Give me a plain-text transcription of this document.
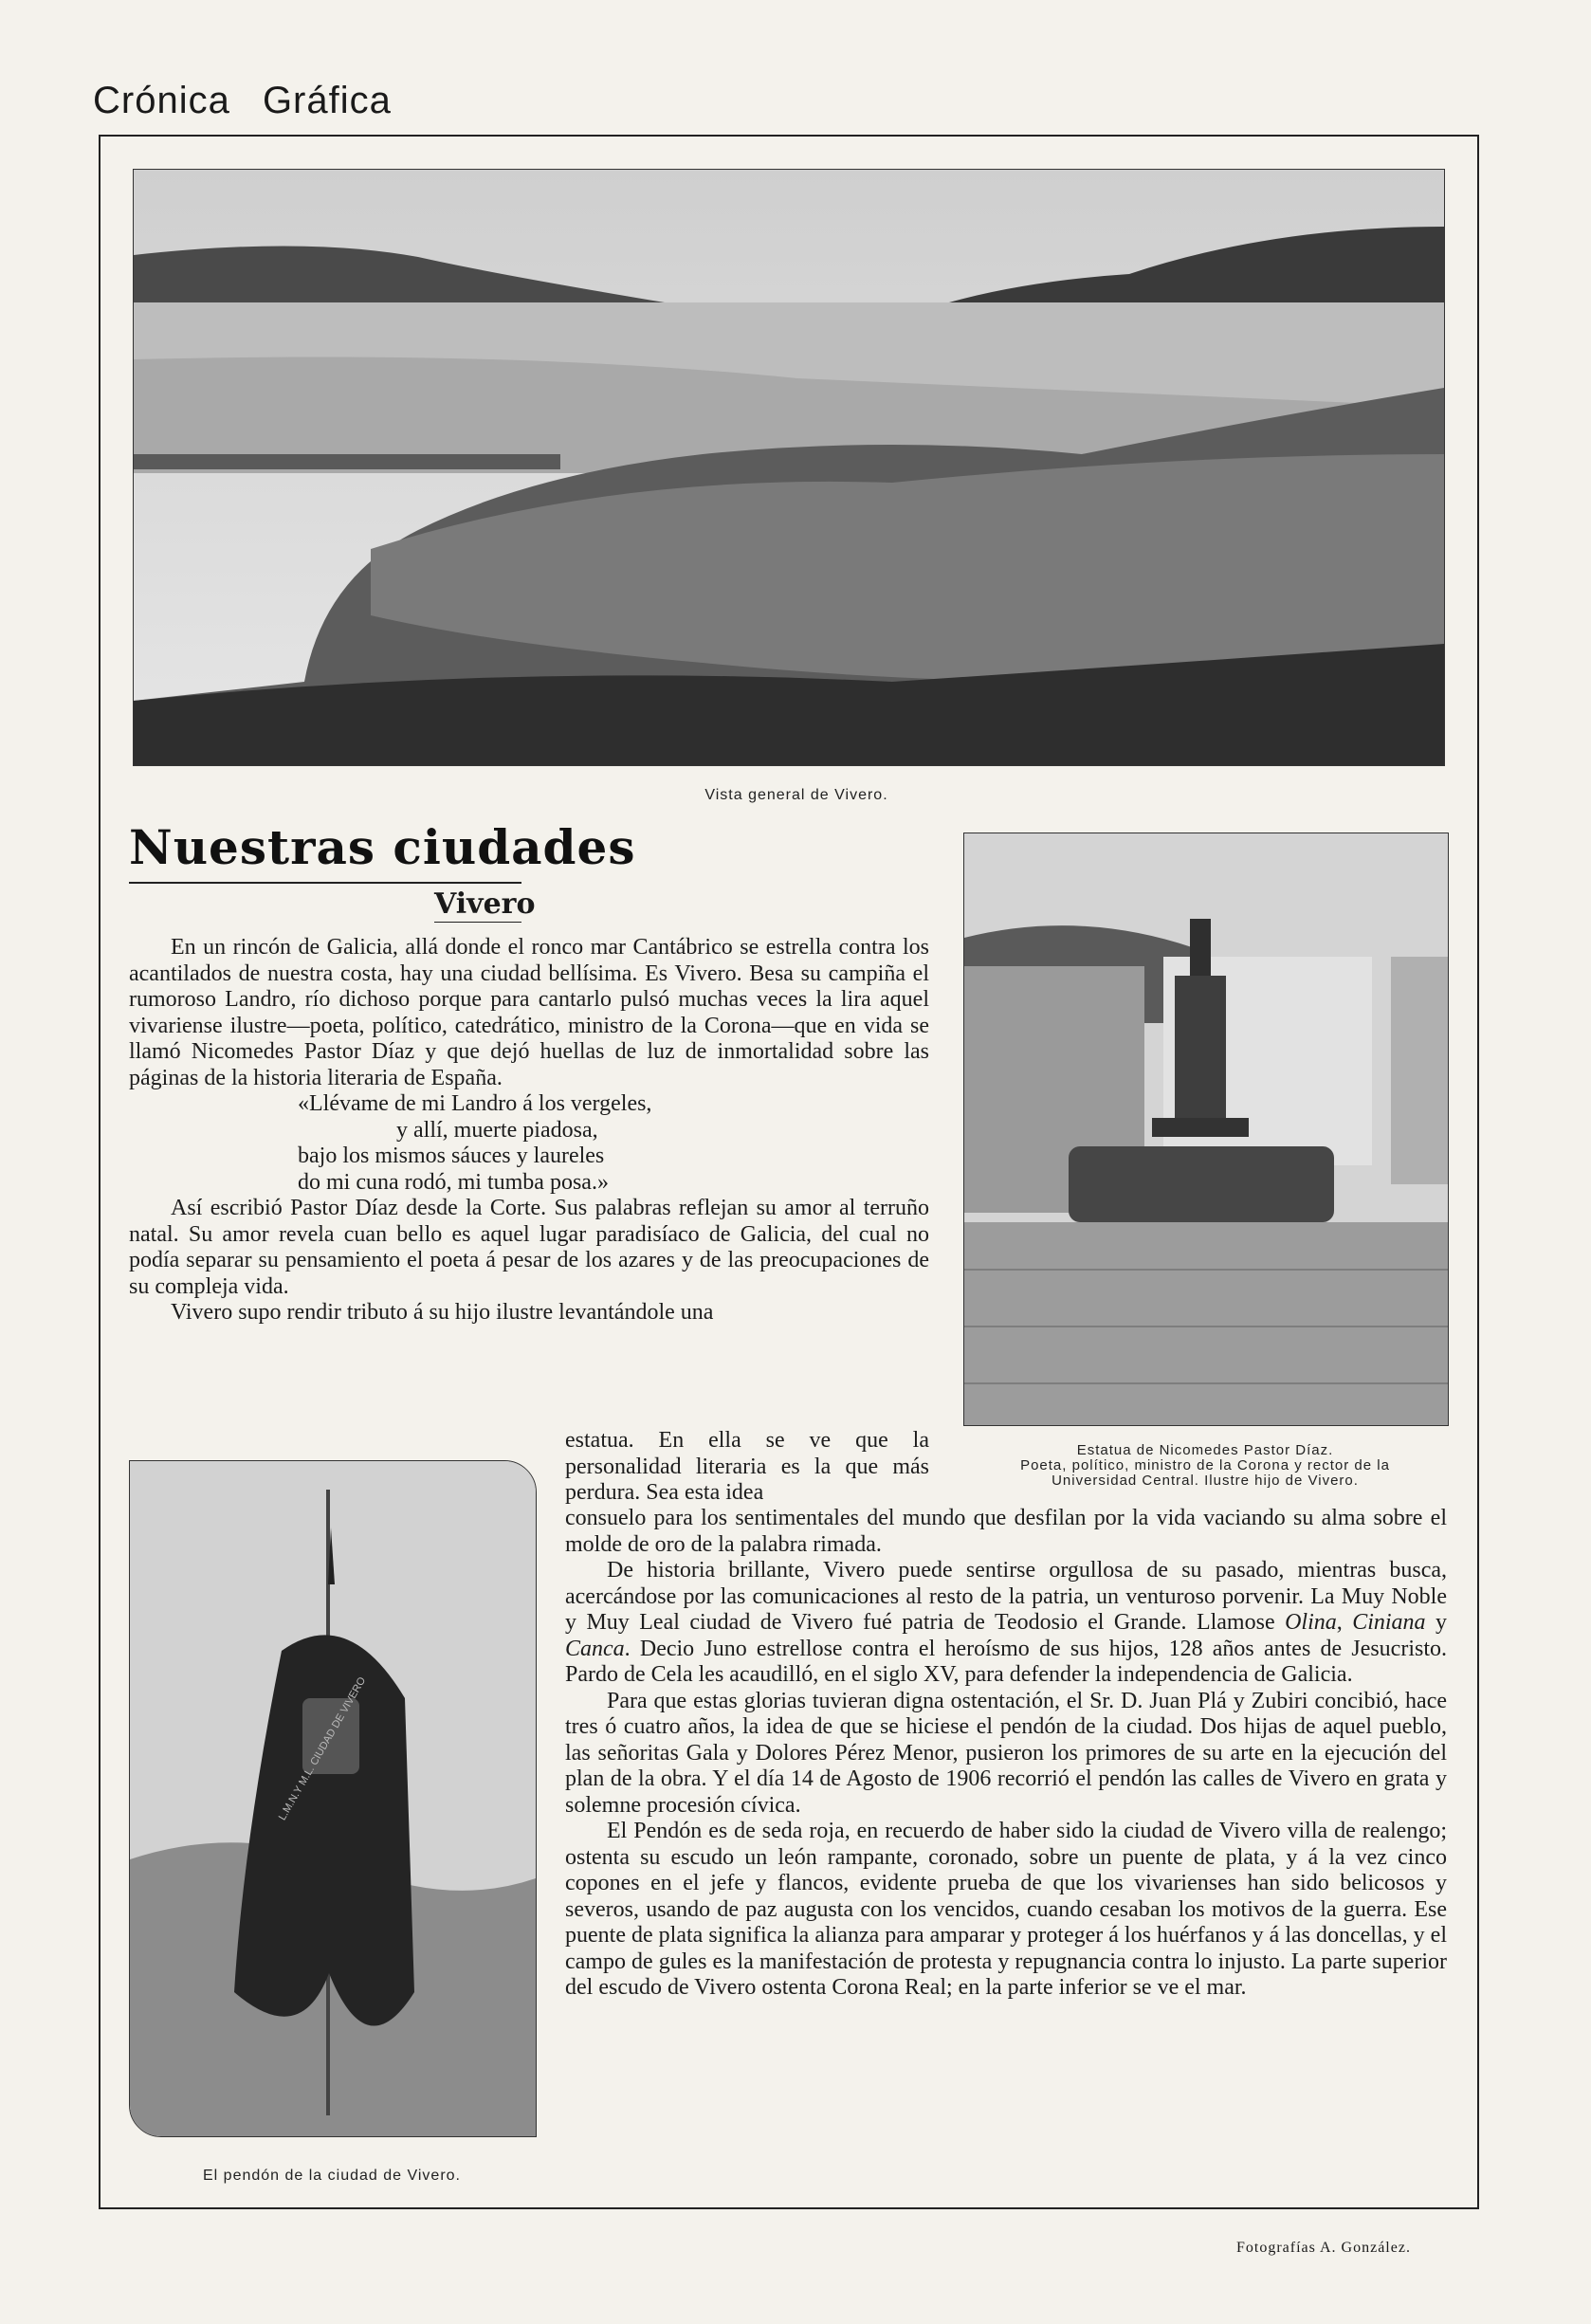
Crónica Gráfica
Vista general de Vivero.
Nuestras ciudades
Vivero
Estatua de Nicomedes Pastor Díaz.
Poeta, político, ministro de la Corona y rector de la
Universidad Central. Ilustre hijo de Vivero.
L.M.N.Y M.L. CIUDAD DE VIVERO
El pendón de la ciudad de Vivero.

En un rincón de Galicia, allá donde el ronco mar Cantábrico se estrella contra los acantilados de nuestra costa, hay una ciudad bellísima. Es Vivero. Besa su campiña el rumoroso Landro, río dichoso porque para cantarlo pulsó muchas veces la lira aquel vivariense ilustre—poeta, político, catedrático, ministro de la Corona—que en vida se llamó Nicomedes Pastor Díaz y que dejó huellas de luz de inmortalidad sobre las páginas de la historia literaria de España.

«Llévame de mi Landro á los vergeles,
y allí, muerte piadosa,
bajo los mismos sáuces y laureles
do mi cuna rodó, mi tumba posa.»

Así escribió Pastor Díaz desde la Corte. Sus palabras reflejan su amor al terruño natal. Su amor revela cuan bello es aquel lugar paradisíaco de Galicia, del cual no podía separar su pensamiento el poeta á pesar de los azares y de las preocupaciones de su compleja vida.

Vivero supo rendir tributo á su hijo ilustre levantándole una

estatua. En ella se ve que la personalidad literaria es la que más perdura. Sea esta idea

consuelo para los sentimentales del mundo que desfilan por la vida vaciando su alma sobre el molde de oro de la palabra rimada.

De historia brillante, Vivero puede sentirse orgullosa de su pasado, mientras busca, acercándose por las comunicaciones al resto de la patria, un venturoso porvenir. La Muy Noble y Muy Leal ciudad de Vivero fué patria de Teodosio el Grande. Llamose Olina, Ciniana y Canca. Decio Juno estrellose contra el heroísmo de sus hijos, 128 años antes de Jesucristo. Pardo de Cela les acaudilló, en el siglo XV, para defender la independencia de Galicia.

Para que estas glorias tuvieran digna ostentación, el Sr. D. Juan Plá y Zubiri concibió, hace tres ó cuatro años, la idea de que se hiciese el pendón de la ciudad. Dos hijas de aquel pueblo, las señoritas Gala y Dolores Pérez Menor, pusieron los primores de su arte en la ejecución del plan de la obra. Y el día 14 de Agosto de 1906 recorrió el pendón las calles de Vivero en grata y solemne procesión cívica.

El Pendón es de seda roja, en recuerdo de haber sido la ciudad de Vivero villa de realengo; ostenta su escudo un león rampante, coronado, sobre un puente de plata, y á la vez cinco copones en el jefe y flancos, evidente prueba de que los vivarienses han sido belicosos y severos, usando de paz augusta con los vencidos, cuando cesaban los motivos de la guerra. Ese puente de plata significa la alianza para amparar y proteger á los huérfanos y á las doncellas, y el campo de gules es la manifestación de protesta y repugnancia contra lo injusto. La parte superior del escudo de Vivero ostenta Corona Real; en la parte inferior se ve el mar.

Fotografías A. González.
